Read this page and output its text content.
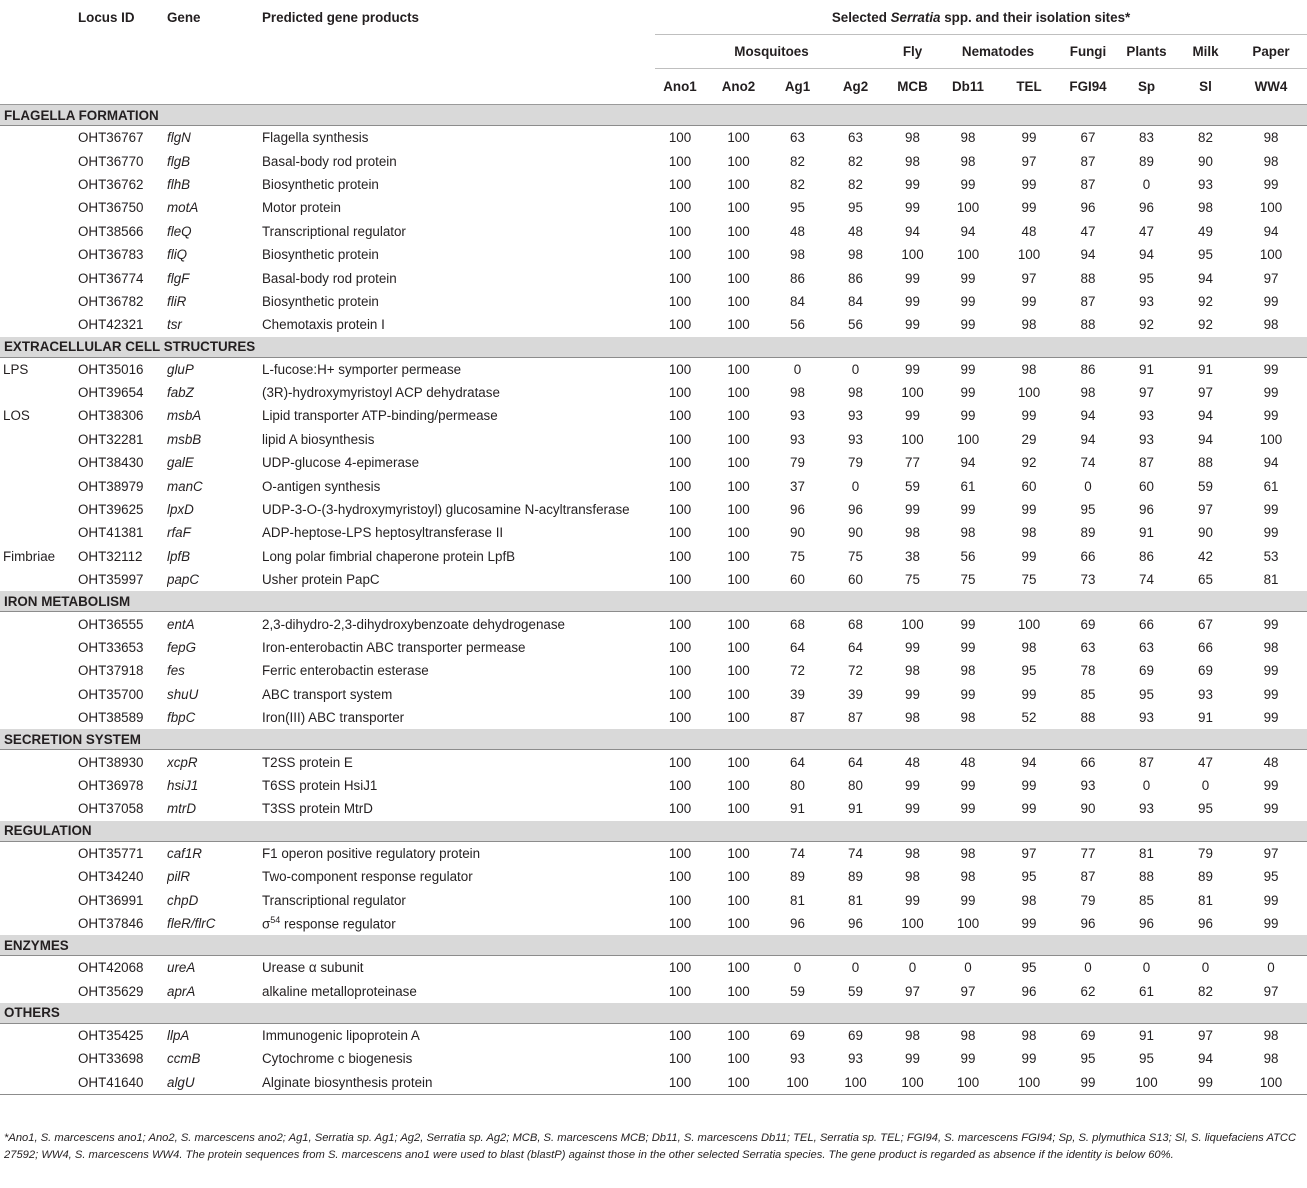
	Locus ID	Gene	Predicted gene products	Selected Serratia spp. and their isolation sites*										
				Mosquitoes				Fly	Nematodes		Fungi	Plants	Milk	Paper
				Ano1	Ano2	Ag1	Ag2	MCB	Db11	TEL	FGI94	Sp	Sl	WW4
FLAGELLA FORMATION														
	OHT36767	flgN	Flagella synthesis	100	100	63	63	98	98	99	67	83	82	98
	OHT36770	flgB	Basal-body rod protein	100	100	82	82	98	98	97	87	89	90	98
	OHT36762	flhB	Biosynthetic protein	100	100	82	82	99	99	99	87	0	93	99
	OHT36750	motA	Motor protein	100	100	95	95	99	100	99	96	96	98	100
	OHT38566	fleQ	Transcriptional regulator	100	100	48	48	94	94	48	47	47	49	94
	OHT36783	fliQ	Biosynthetic protein	100	100	98	98	100	100	100	94	94	95	100
	OHT36774	flgF	Basal-body rod protein	100	100	86	86	99	99	97	88	95	94	97
	OHT36782	fliR	Biosynthetic protein	100	100	84	84	99	99	99	87	93	92	99
	OHT42321	tsr	Chemotaxis protein I	100	100	56	56	99	99	98	88	92	92	98
EXTRACELLULAR CELL STRUCTURES														
LPS	OHT35016	gluP	L-fucose:H+ symporter permease	100	100	0	0	99	99	98	86	91	91	99
	OHT39654	fabZ	(3R)-hydroxymyristoyl ACP dehydratase	100	100	98	98	100	99	100	98	97	97	99
LOS	OHT38306	msbA	Lipid transporter ATP-binding/permease	100	100	93	93	99	99	99	94	93	94	99
	OHT32281	msbB	lipid A biosynthesis	100	100	93	93	100	100	29	94	93	94	100
	OHT38430	galE	UDP-glucose 4-epimerase	100	100	79	79	77	94	92	74	87	88	94
	OHT38979	manC	O-antigen synthesis	100	100	37	0	59	61	60	0	60	59	61
	OHT39625	lpxD	UDP-3-O-(3-hydroxymyristoyl) glucosamine N-acyltransferase	100	100	96	96	99	99	99	95	96	97	99
	OHT41381	rfaF	ADP-heptose-LPS heptosyltransferase II	100	100	90	90	98	98	98	89	91	90	99
Fimbriae	OHT32112	lpfB	Long polar fimbrial chaperone protein LpfB	100	100	75	75	38	56	99	66	86	42	53
	OHT35997	papC	Usher protein PapC	100	100	60	60	75	75	75	73	74	65	81
IRON METABOLISM														
	OHT36555	entA	2,3-dihydro-2,3-dihydroxybenzoate dehydrogenase	100	100	68	68	100	99	100	69	66	67	99
	OHT33653	fepG	Iron-enterobactin ABC transporter permease	100	100	64	64	99	99	98	63	63	66	98
	OHT37918	fes	Ferric enterobactin esterase	100	100	72	72	98	98	95	78	69	69	99
	OHT35700	shuU	ABC transport system	100	100	39	39	99	99	99	85	95	93	99
	OHT38589	fbpC	Iron(III) ABC transporter	100	100	87	87	98	98	52	88	93	91	99
SECRETION SYSTEM														
	OHT38930	xcpR	T2SS protein E	100	100	64	64	48	48	94	66	87	47	48
	OHT36978	hsiJ1	T6SS protein HsiJ1	100	100	80	80	99	99	99	93	0	0	99
	OHT37058	mtrD	T3SS protein MtrD	100	100	91	91	99	99	99	90	93	95	99
REGULATION														
	OHT35771	caf1R	F1 operon positive regulatory protein	100	100	74	74	98	98	97	77	81	79	97
	OHT34240	pilR	Two-component response regulator	100	100	89	89	98	98	95	87	88	89	95
	OHT36991	chpD	Transcriptional regulator	100	100	81	81	99	99	98	79	85	81	99
	OHT37846	fleR/flrC	$\sigma^{54}$ response regulator	100	100	96	96	100	100	99	96	96	96	99
ENZYMES														
	OHT42068	ureA	Urease α subunit	100	100	0	0	0	0	95	0	0	0	0
	OHT35629	aprA	alkaline metalloproteinase	100	100	59	59	97	97	96	62	61	82	97
OTHERS														
	OHT35425	llpA	Immunogenic lipoprotein A	100	100	69	69	98	98	98	69	91	97	98
	OHT33698	ccmB	Cytochrome c biogenesis	100	100	93	93	99	99	99	95	95	94	98
	OHT41640	algU	Alginate biosynthesis protein	100	100	100	100	100	100	100	99	100	99	100
*Ano1, S. marcescens ano1; Ano2, S. marcescens ano2; Ag1, Serratia sp. Ag1; Ag2, Serratia sp. Ag2; MCB, S. marcescens MCB; Db11, S. marcescens Db11; TEL, Serratia sp. TEL; FGI94, S. marcescens FGI94; Sp, S. plymuthica S13; Sl, S. liquefaciens ATCC 27592; WW4, S. marcescens WW4. The protein sequences from S. marcescens ano1 were used to blast (blastP) against those in the other selected Serratia species. The gene product is regarded as absence if the identity is below 60%.
